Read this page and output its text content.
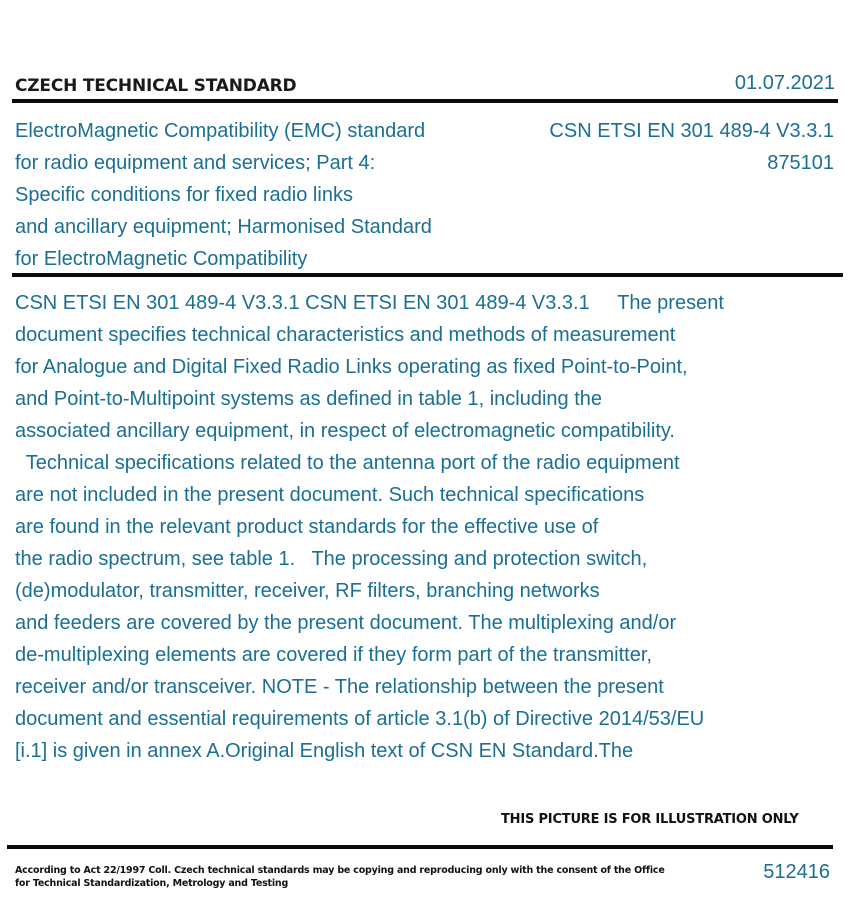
CZECH TECHNICAL STANDARD	01.07.2021
ElectroMagnetic Compatibility (EMC) standard
for radio equipment and services; Part 4:
Specific conditions for fixed radio links
and ancillary equipment; Harmonised Standard
for ElectroMagnetic Compatibility
CSN ETSI EN 301 489-4 V3.3.1
875101
CSN ETSI EN 301 489-4 V3.3.1 CSN ETSI EN 301 489-4 V3.3.1     The present
document specifies technical characteristics and methods of measurement
for Analogue and Digital Fixed Radio Links operating as fixed Point-to-Point,
and Point-to-Multipoint systems as defined in table 1, including the
associated ancillary equipment, in respect of electromagnetic compatibility.
Technical specifications related to the antenna port of the radio equipment
are not included in the present document. Such technical specifications
are found in the relevant product standards for the effective use of
the radio spectrum, see table 1.   The processing and protection switch,
(de)modulator, transmitter, receiver, RF filters, branching networks
and feeders are covered by the present document. The multiplexing and/or
de-multiplexing elements are covered if they form part of the transmitter,
receiver and/or transceiver. NOTE - The relationship between the present
document and essential requirements of article 3.1(b) of Directive 2014/53/EU
[i.1] is given in annex A.Original English text of CSN EN Standard.The
THIS PICTURE IS FOR ILLUSTRATION ONLY
According to Act 22/1997 Coll. Czech technical standards may be copying and reproducing only with the consent of the Office
for Technical Standardization, Metrology and Testing
512416
